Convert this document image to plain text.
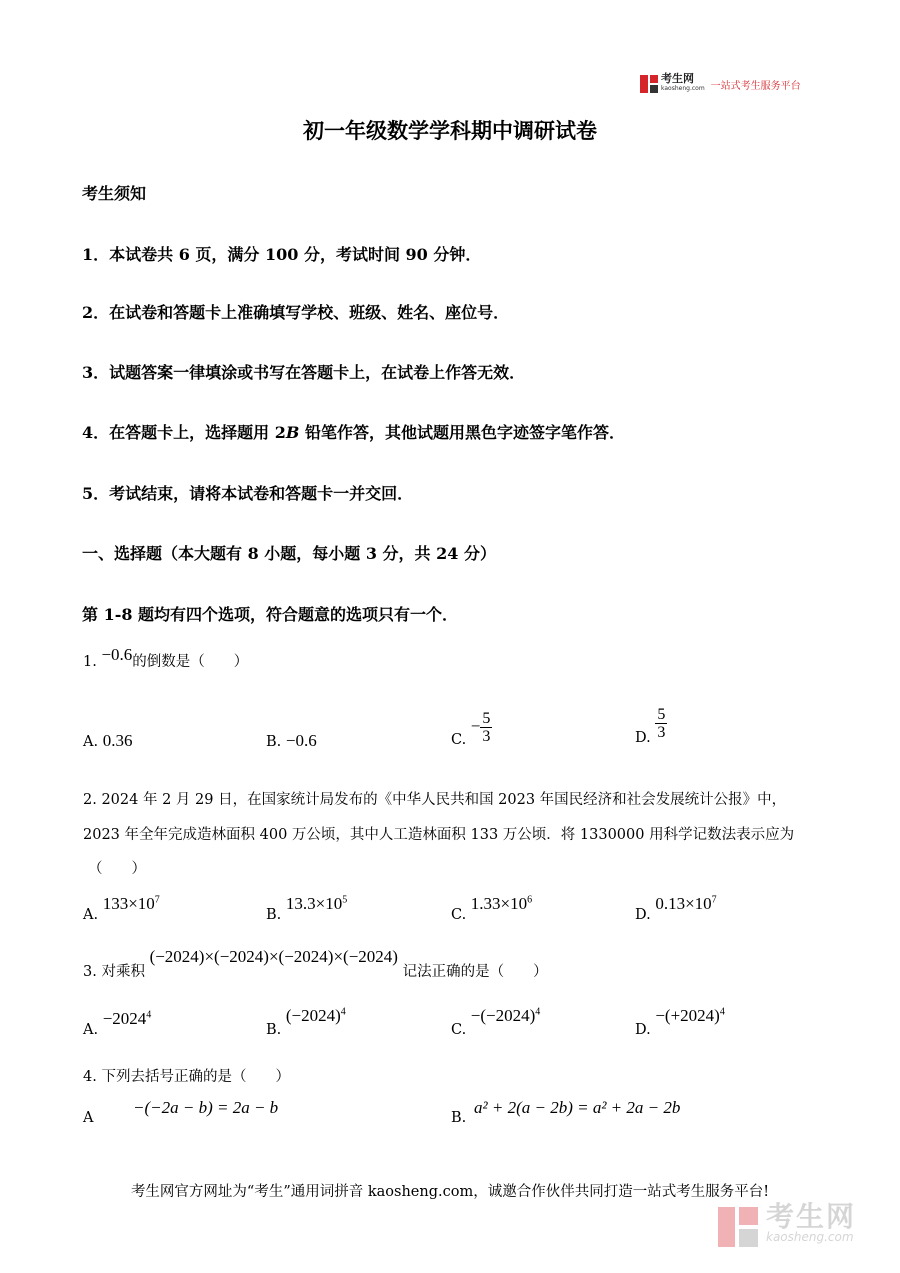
考生网
kaosheng.com 一站式考生服务平台
初一年级数学学科期中调研试卷
考生须知
1．本试卷共 6 页，满分 100 分，考试时间 90 分钟．
2．在试卷和答题卡上准确填写学校、班级、姓名、座位号．
3．试题答案一律填涂或书写在答题卡上，在试卷上作答无效．
4．在答题卡上，选择题用 2B 铅笔作答，其他试题用黑色字迹签字笔作答．
5．考试结束，请将本试卷和答题卡一并交回．
一、选择题（本大题有 8 小题，每小题 3 分，共 24 分）
第 1-8 题均有四个选项，符合题意的选项只有一个．
1. −0.6的倒数是（　　）
A. 0.36	B. −0.6	C. − $\frac{5}{3}$	D. $\frac{5}{3}$
2. 2024 年 2 月 29 日，在国家统计局发布的《中华人民共和国 2023 年国民经济和社会发展统计公报》中，
2023 年全年完成造林面积 400 万公顷，其中人工造林面积 133 万公顷．将 1330000 用科学记数法表示应为
（　　）
A. $133\times 10^7$
B. $13.3\times 10^5$
C. $1.33\times 10^6$
D. $0.13\times 10^7$
3. 对乘积 (−2024)×(−2024)×(−2024)×(−2024) 记法正确的是（　　）
A. $-2024^4$
B. $(-2024)^4$
C. $-(-2024)^4$
D. $-(+2024)^4$
4. 下列去括号正确的是（　　）
A
−(−2a − b) = 2a − b
B.
a² + 2(a − 2b) = a² + 2a − 2b
考生网官方网址为“考生”通用词拼音 kaosheng.com，诚邀合作伙伴共同打造一站式考生服务平台!
考生网
kaosheng.com
